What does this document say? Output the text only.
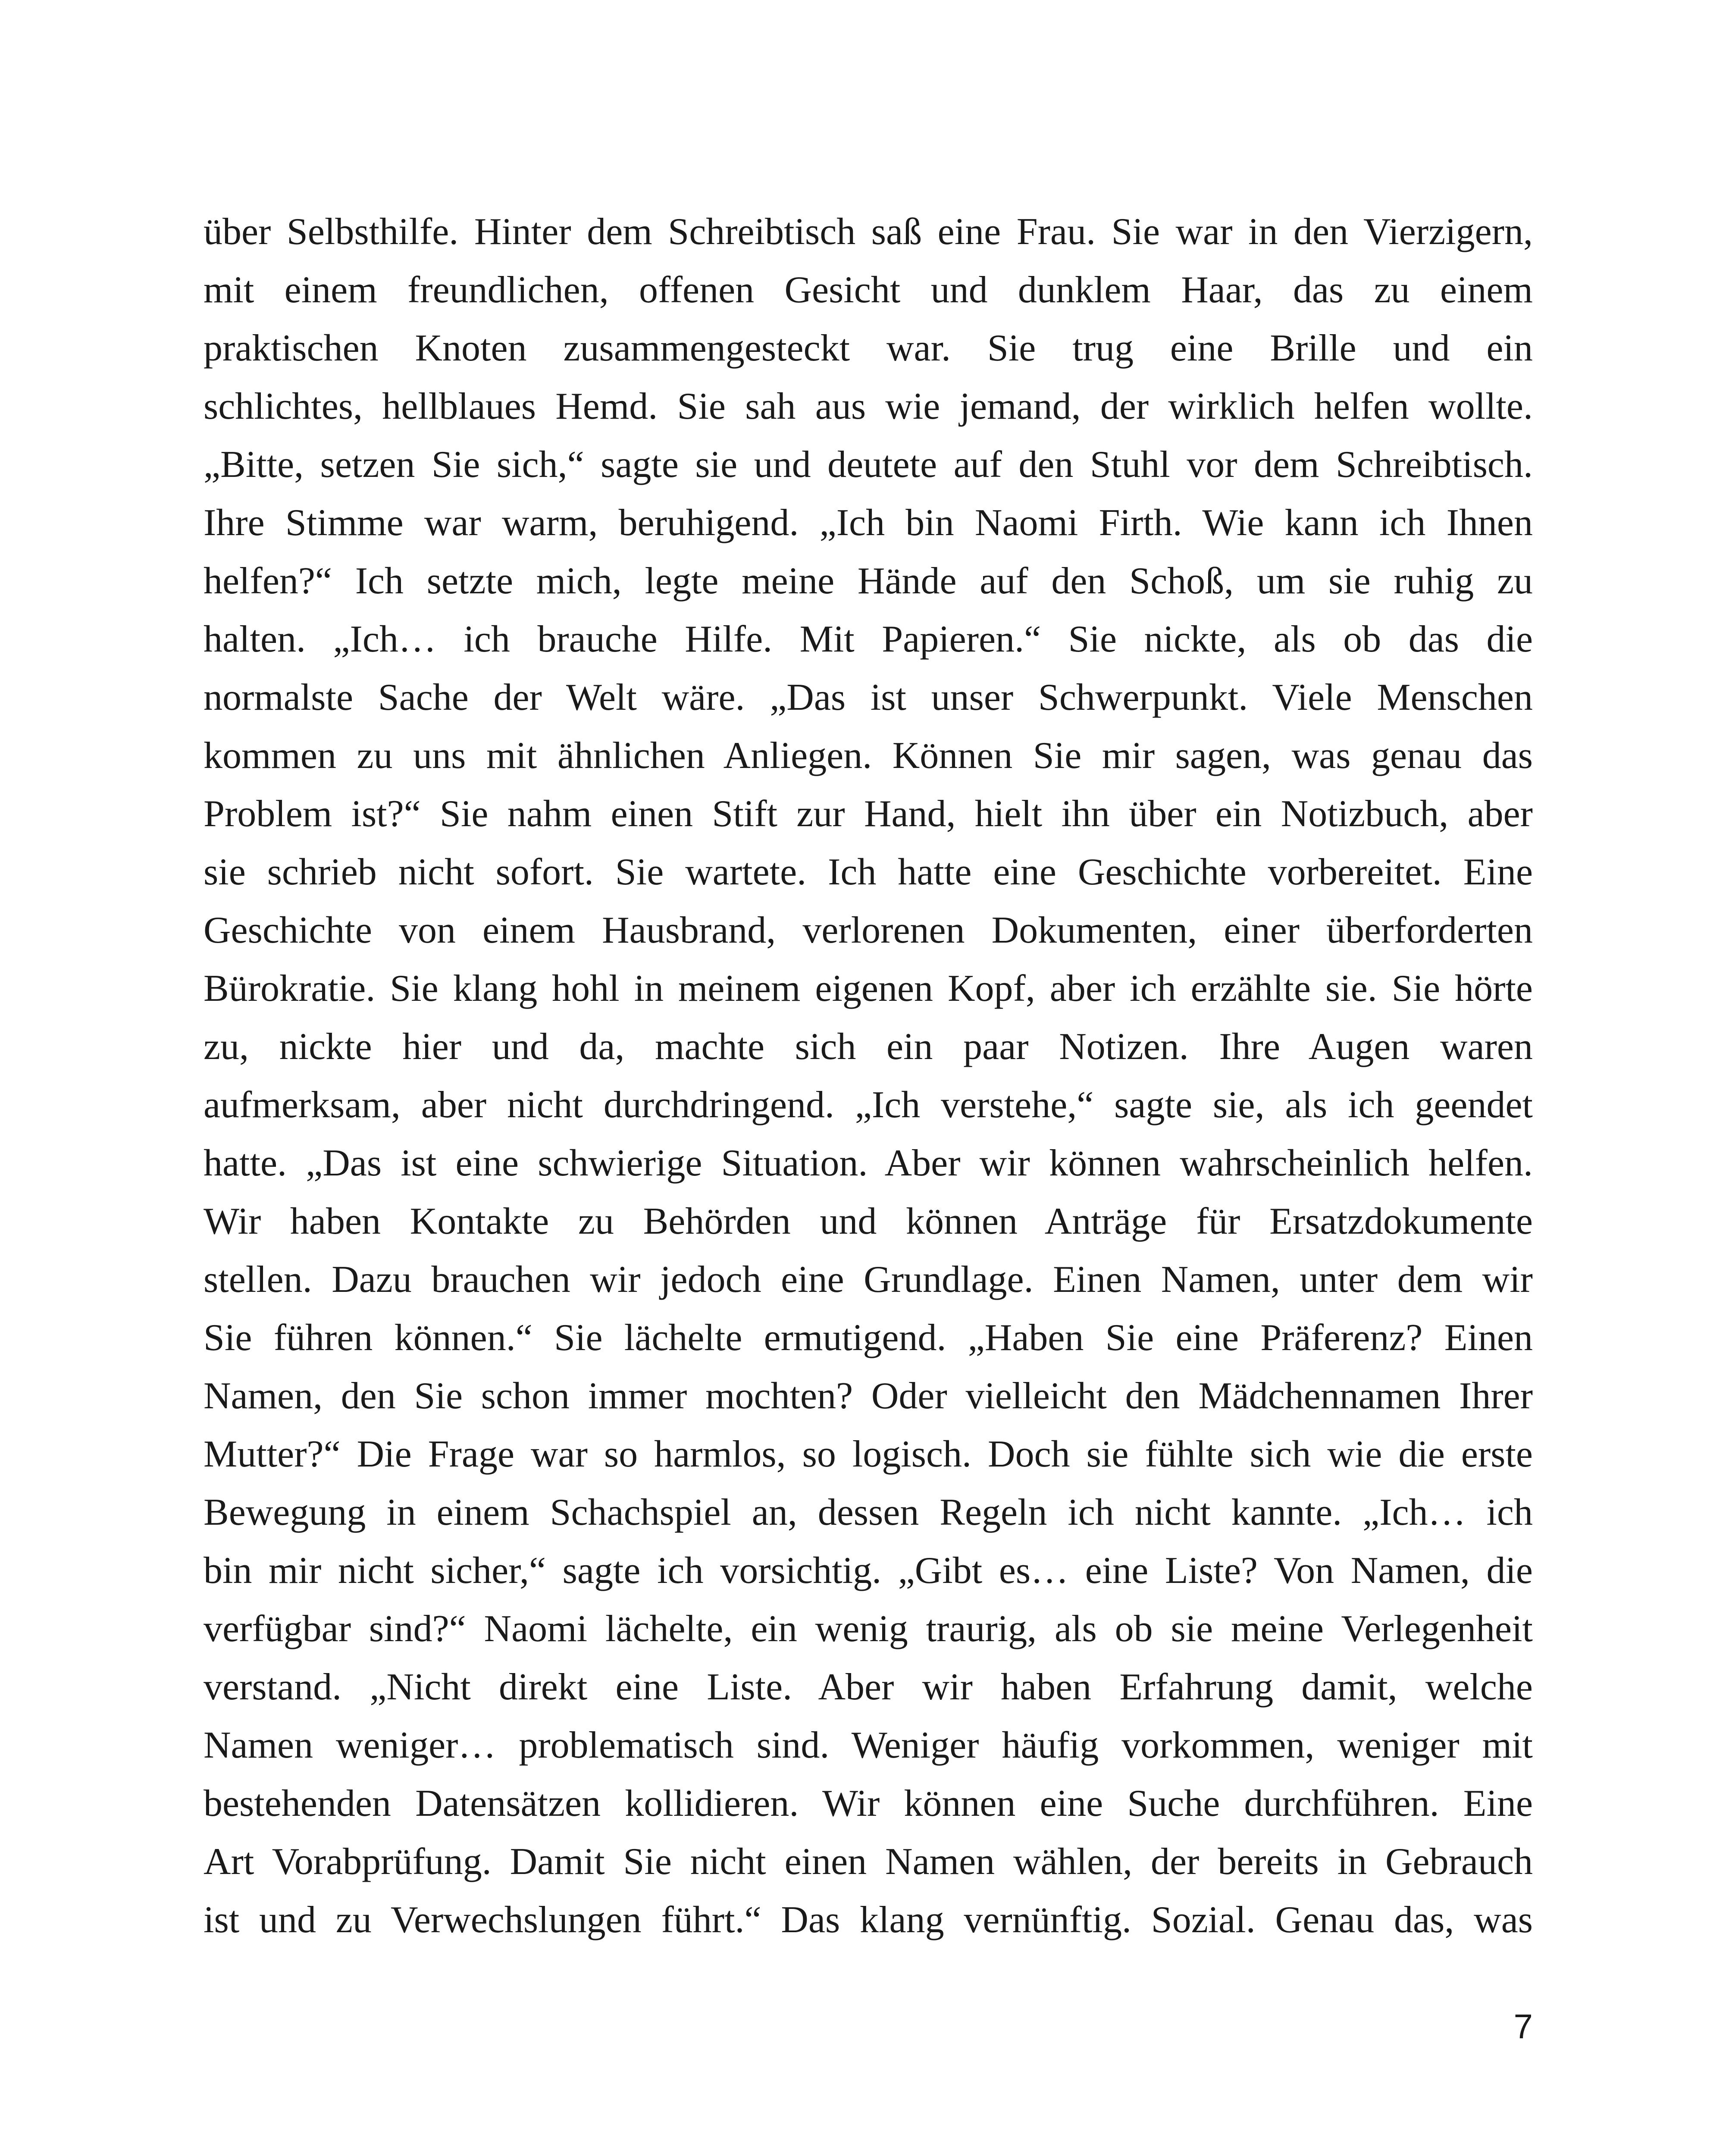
über Selbsthilfe. Hinter dem Schreibtisch saß eine Frau. Sie war in den Vierzigern,
mit einem freundlichen, offenen Gesicht und dunklem Haar, das zu einem
praktischen Knoten zusammengesteckt war. Sie trug eine Brille und ein
schlichtes, hellblaues Hemd. Sie sah aus wie jemand, der wirklich helfen wollte.
„Bitte, setzen Sie sich,“ sagte sie und deutete auf den Stuhl vor dem Schreibtisch.
Ihre Stimme war warm, beruhigend. „Ich bin Naomi Firth. Wie kann ich Ihnen
helfen?“ Ich setzte mich, legte meine Hände auf den Schoß, um sie ruhig zu
halten. „Ich… ich brauche Hilfe. Mit Papieren.“ Sie nickte, als ob das die
normalste Sache der Welt wäre. „Das ist unser Schwerpunkt. Viele Menschen
kommen zu uns mit ähnlichen Anliegen. Können Sie mir sagen, was genau das
Problem ist?“ Sie nahm einen Stift zur Hand, hielt ihn über ein Notizbuch, aber
sie schrieb nicht sofort. Sie wartete. Ich hatte eine Geschichte vorbereitet. Eine
Geschichte von einem Hausbrand, verlorenen Dokumenten, einer überforderten
Bürokratie. Sie klang hohl in meinem eigenen Kopf, aber ich erzählte sie. Sie hörte
zu, nickte hier und da, machte sich ein paar Notizen. Ihre Augen waren
aufmerksam, aber nicht durchdringend. „Ich verstehe,“ sagte sie, als ich geendet
hatte. „Das ist eine schwierige Situation. Aber wir können wahrscheinlich helfen.
Wir haben Kontakte zu Behörden und können Anträge für Ersatzdokumente
stellen. Dazu brauchen wir jedoch eine Grundlage. Einen Namen, unter dem wir
Sie führen können.“ Sie lächelte ermutigend. „Haben Sie eine Präferenz? Einen
Namen, den Sie schon immer mochten? Oder vielleicht den Mädchennamen Ihrer
Mutter?“ Die Frage war so harmlos, so logisch. Doch sie fühlte sich wie die erste
Bewegung in einem Schachspiel an, dessen Regeln ich nicht kannte. „Ich… ich
bin mir nicht sicher,“ sagte ich vorsichtig. „Gibt es… eine Liste? Von Namen, die
verfügbar sind?“ Naomi lächelte, ein wenig traurig, als ob sie meine Verlegenheit
verstand. „Nicht direkt eine Liste. Aber wir haben Erfahrung damit, welche
Namen weniger… problematisch sind. Weniger häufig vorkommen, weniger mit
bestehenden Datensätzen kollidieren. Wir können eine Suche durchführen. Eine
Art Vorabprüfung. Damit Sie nicht einen Namen wählen, der bereits in Gebrauch
ist und zu Verwechslungen führt.“ Das klang vernünftig. Sozial. Genau das, was
7
